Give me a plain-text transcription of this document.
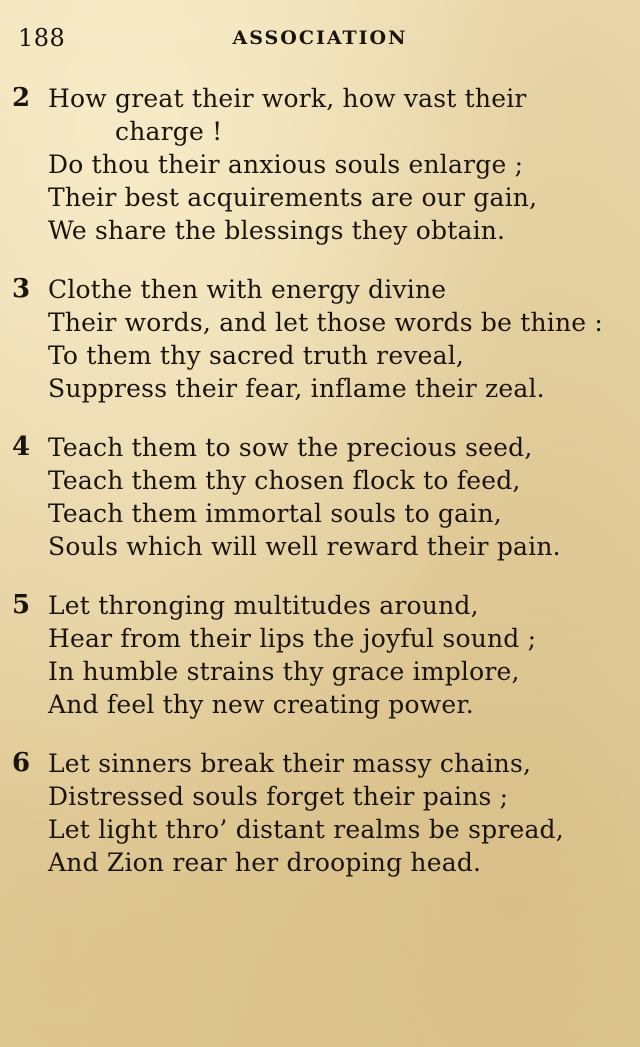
188	ASSOCIATION
2 How great their work, how vast their
charge !
Do thou their anxious souls enlarge ;
Their best acquirements are our gain,
We share the blessings they obtain.
3 Clothe then with energy divine
Their words, and let those words be thine :
To them thy sacred truth reveal,
Suppress their fear, inflame their zeal.
4 Teach them to sow the precious seed,
Teach them thy chosen flock to feed,
Teach them immortal souls to gain,
Souls which will well reward their pain.
5 Let thronging multitudes around,
Hear from their lips the joyful sound ;
In humble strains thy grace implore,
And feel thy new creating power.
6 Let sinners break their massy chains,
Distressed souls forget their pains ;
Let light thro’ distant realms be spread,
And Zion rear her drooping head.
